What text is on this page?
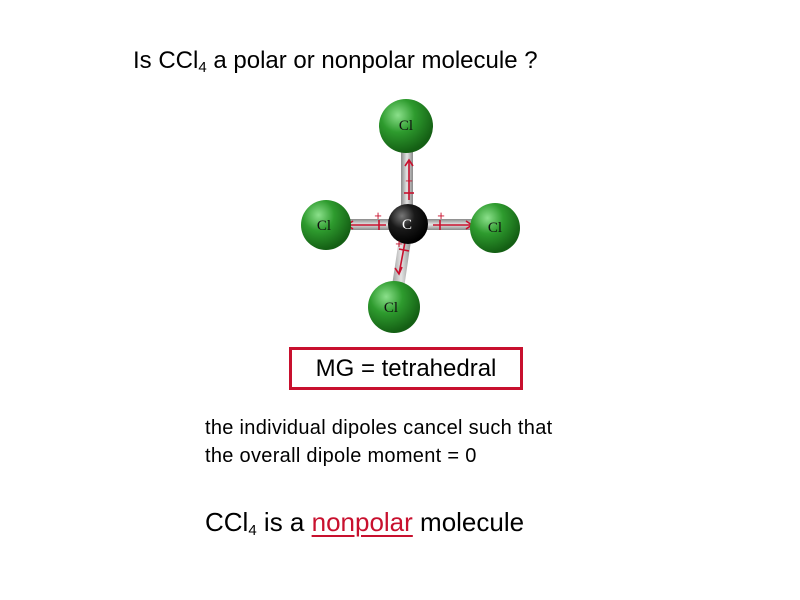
Is CCl$_4$ a polar or nonpolar molecule ?
Cl
Cl	Cl
Cl
C
+
+	+
+
MG = tetrahedral
the individual dipoles cancel such that
the overall dipole moment = 0
CCl$_4$ is a nonpolar molecule
